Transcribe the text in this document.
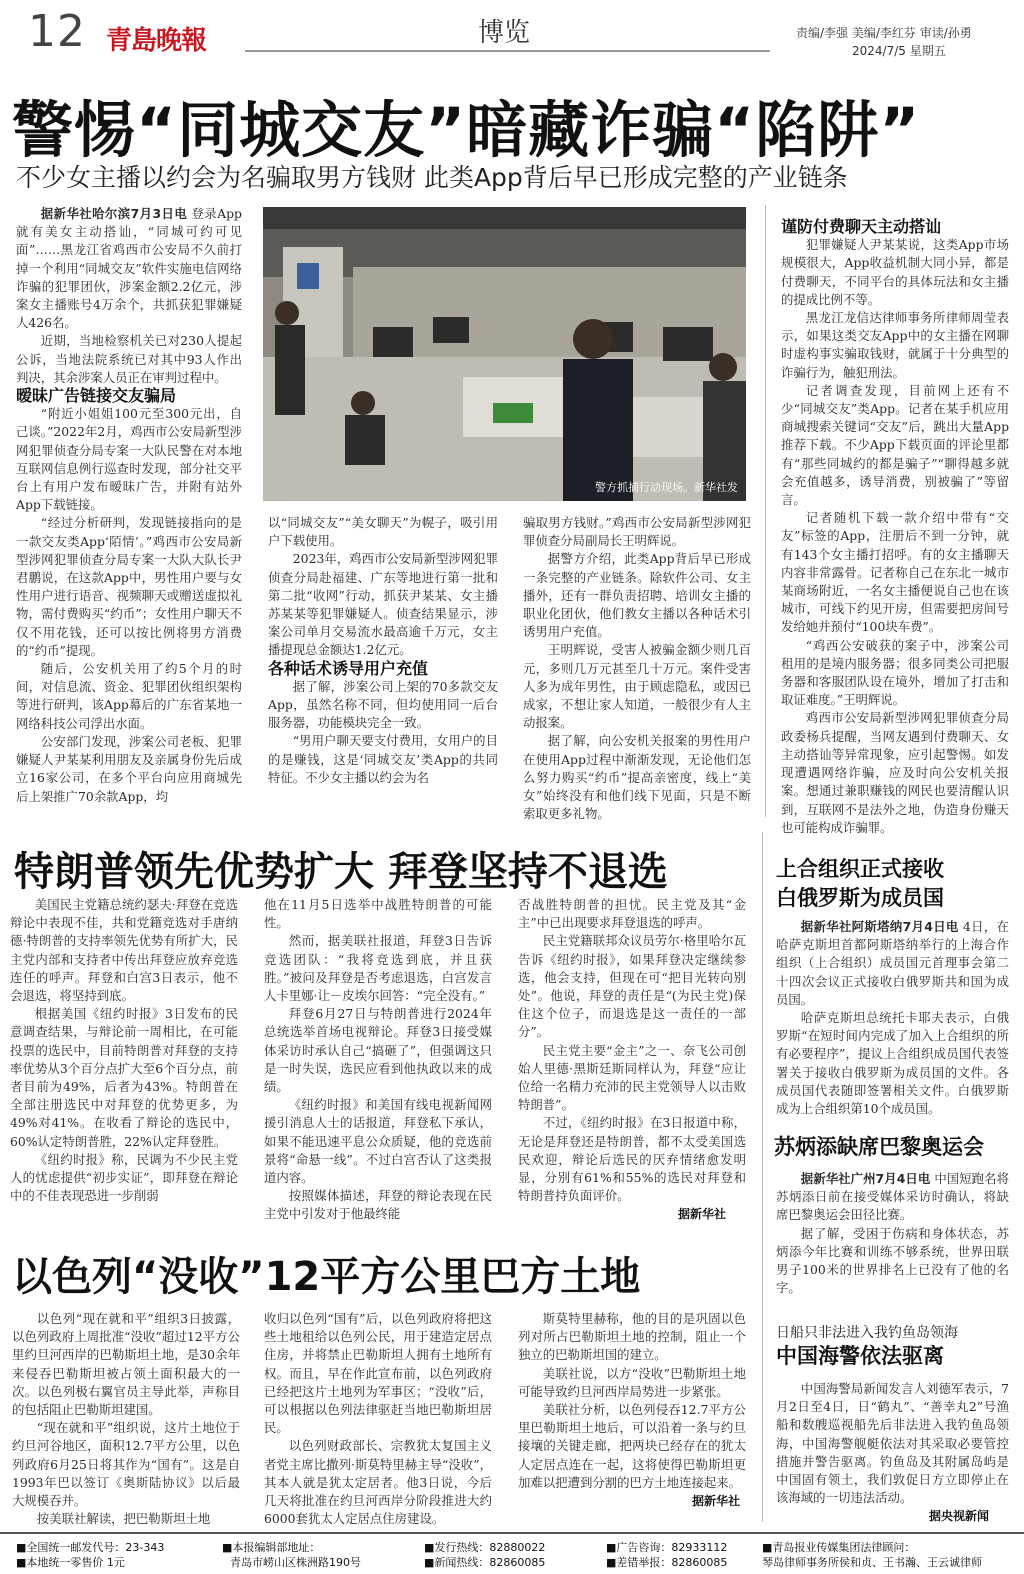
12 青島晚報	博览	责编/李强 美编/李红芬 审读/孙勇
2024/7/5 星期五
警惕“同城交友”暗藏诈骗“陷阱”
不少女主播以约会为名骗取男方钱财 此类App背后早已形成完整的产业链条

据新华社哈尔滨7月3日电 登录App就有美女主动搭讪，“同城可约可见面”……黑龙江省鸡西市公安局不久前打掉一个利用“同城交友”软件实施电信网络诈骗的犯罪团伙，涉案金额2.2亿元，涉案女主播账号4万余个，共抓获犯罪嫌疑人426名。

近期，当地检察机关已对230人提起公诉，当地法院系统已对其中93人作出判决，其余涉案人员正在审判过程中。

暧昧广告链接交友骗局

“附近小姐姐100元至300元出，自己谈。”2022年2月，鸡西市公安局新型涉网犯罪侦查分局专案一大队民警在对本地互联网信息例行巡查时发现，部分社交平台上有用户发布暧昧广告，并附有站外App下载链接。

“经过分析研判，发现链接指向的是一款交友类App‘陌情’。”鸡西市公安局新型涉网犯罪侦查分局专案一大队大队长尹君鹏说，在这款App中，男性用户要与女性用户进行语音、视频聊天或赠送虚拟礼物，需付费购买“约币”；女性用户聊天不仅不用花钱，还可以按比例将男方消费的“约币”提现。

随后，公安机关用了约5个月的时间，对信息流、资金、犯罪团伙组织架构等进行研判，该App幕后的广东省某地一网络科技公司浮出水面。

公安部门发现，涉案公司老板、犯罪嫌疑人尹某某利用朋友及亲属身份先后成立16家公司，在多个平台向应用商城先后上架推广70余款App，均

警方抓捕行动现场。新华社发

以“同城交友”“美女聊天”为幌子，吸引用户下载使用。

2023年，鸡西市公安局新型涉网犯罪侦查分局赴福建、广东等地进行第一批和第二批“收网”行动，抓获尹某某、女主播苏某某等犯罪嫌疑人。侦查结果显示，涉案公司单月交易流水最高逾千万元，女主播提现总金额达1.2亿元。

各种话术诱导用户充值

据了解，涉案公司上架的70多款交友App，虽然名称不同，但均使用同一后台服务器，功能模块完全一致。

“男用户聊天要支付费用，女用户的目的是赚钱，这是‘同城交友’类App的共同特征。不少女主播以约会为名

骗取男方钱财。”鸡西市公安局新型涉网犯罪侦查分局副局长王明辉说。

据警方介绍，此类App背后早已形成一条完整的产业链条。除软件公司、女主播外，还有一群负责招聘、培训女主播的职业化团伙，他们教女主播以各种话术引诱男用户充值。

王明辉说，受害人被骗金额少则几百元，多则几万元甚至几十万元。案件受害人多为成年男性，由于顾虑隐私，或因已成家，不想让家人知道，一般很少有人主动报案。

据了解，向公安机关报案的男性用户在使用App过程中渐渐发现，无论他们怎么努力购买“约币”提高亲密度，线上“美女”始终没有和他们线下见面，只是不断索取更多礼物。

谨防付费聊天主动搭讪

犯罪嫌疑人尹某某说，这类App市场规模很大，App收益机制大同小异，都是付费聊天，不同平台的具体玩法和女主播的提成比例不等。

黑龙江龙信达律师事务所律师周莹表示，如果这类交友App中的女主播在网聊时虚构事实骗取钱财，就属于十分典型的诈骗行为，触犯刑法。

记者调查发现，目前网上还有不少“同城交友”类App。记者在某手机应用商城搜索关键词“交友”后，跳出大量App推荐下载。不少App下载页面的评论里都有“那些同城约的都是骗子”“聊得越多就会充值越多，诱导消费，别被骗了”等留言。

记者随机下载一款介绍中带有“交友”标签的App，注册后不到一分钟，就有143个女主播打招呼。有的女主播聊天内容非常露骨。记者称自己在东北一城市某商场附近，一名女主播便说自己也在该城市，可线下约见开房，但需要把房间号发给她并预付“100块车费”。

“鸡西公安破获的案子中，涉案公司租用的是境内服务器；很多同类公司把服务器和客服团队设在境外，增加了打击和取证难度。”王明辉说。

鸡西市公安局新型涉网犯罪侦查分局政委杨兵提醒，当网友遇到付费聊天、女主动搭讪等异常现象，应引起警惕。如发现遭遇网络诈骗，应及时向公安机关报案。想通过兼职赚钱的网民也要清醒认识到，互联网不是法外之地，伪造身份赚天也可能构成诈骗罪。

特朗普领先优势扩大 拜登坚持不退选

美国民主党籍总统约瑟夫·拜登在竞选辩论中表现不佳，共和党籍竞选对手唐纳德·特朗普的支持率领先优势有所扩大，民主党内部和支持者中传出拜登应放弃竞选连任的呼声。拜登和白宫3日表示，他不会退选，将坚持到底。

根据美国《纽约时报》3日发布的民意调查结果，与辩论前一周相比，在可能投票的选民中，目前特朗普对拜登的支持率优势从3个百分点扩大至6个百分点，前者目前为49%，后者为43%。特朗普在全部注册选民中对拜登的优势更多，为49%对41%。在收看了辩论的选民中，60%认定特朗普胜，22%认定拜登胜。

《纽约时报》称，民调为不少民主党人的忧虑提供“初步实证”，即拜登在辩论中的不佳表现恐进一步削弱

他在11月5日选举中战胜特朗普的可能性。

然而，据美联社报道，拜登3日告诉竞选团队：“我将竞选到底，并且获胜。”被问及拜登是否考虑退选，白宫发言人卡里娜·让－皮埃尔回答：“完全没有。”

拜登6月27日与特朗普进行2024年总统选举首场电视辩论。拜登3日接受媒体采访时承认自己“搞砸了”，但强调这只是一时失误，选民应看到他执政以来的成绩。

《纽约时报》和美国有线电视新闻网援引消息人士的话报道，拜登私下承认，如果不能迅速平息公众质疑，他的竞选前景将“命悬一线”。不过白宫否认了这类报道内容。

按照媒体描述，拜登的辩论表现在民主党中引发对于他最终能

否战胜特朗普的担忧。民主党及其“金主”中已出现要求拜登退选的呼声。

民主党籍联邦众议员劳尔·格里哈尔瓦告诉《纽约时报》，如果拜登决定继续参选，他会支持，但现在可“把目光转向别处”。他说，拜登的责任是“(为民主党)保住这个位子，而退选是这一责任的一部分”。

民主党主要“金主”之一、奈飞公司创始人里德·黑斯廷斯同样认为，拜登“应让位给一名精力充沛的民主党领导人以击败特朗普”。

不过，《纽约时报》在3日报道中称，无论是拜登还是特朗普，都不太受美国选民欢迎，辩论后选民的厌弃情绪愈发明显，分别有61%和55%的选民对拜登和特朗普持负面评价。

据新华社

上合组织正式接收
白俄罗斯为成员国

据新华社阿斯塔纳7月4日电 4日，在哈萨克斯坦首都阿斯塔纳举行的上海合作组织（上合组织）成员国元首理事会第二十四次会议正式接收白俄罗斯共和国为成员国。

哈萨克斯坦总统托卡耶夫表示，白俄罗斯“在短时间内完成了加入上合组织的所有必要程序”，提议上合组织成员国代表签署关于接收白俄罗斯为成员国的文件。各成员国代表随即签署相关文件。白俄罗斯成为上合组织第10个成员国。

苏炳添缺席巴黎奥运会

据新华社广州7月4日电 中国短跑名将苏炳添日前在接受媒体采访时确认，将缺席巴黎奥运会田径比赛。

据了解，受困于伤病和身体状态，苏炳添今年比赛和训练不够系统，世界田联男子100米的世界排名上已没有了他的名字。

日船只非法进入我钓鱼岛领海
中国海警依法驱离

中国海警局新闻发言人刘德军表示，7月2日至4日，日“鹤丸”、“善幸丸2”号渔船和数艘巡视船先后非法进入我钓鱼岛领海，中国海警舰艇依法对其采取必要管控措施并警告驱离。钓鱼岛及其附属岛屿是中国固有领土，我们敦促日方立即停止在该海域的一切违法活动。

据央视新闻

以色列“没收”12平方公里巴方土地

以色列“现在就和平”组织3日披露，以色列政府上周批准“没收”超过12平方公里约旦河西岸的巴勒斯坦土地，是30余年来侵吞巴勒斯坦被占领土面积最大的一次。以色列极右翼官员主导此举，声称目的包括阻止巴勒斯坦建国。

“现在就和平”组织说，这片土地位于约旦河谷地区，面积12.7平方公里，以色列政府6月25日将其作为“国有”。这是自1993年巴以签订《奥斯陆协议》以后最大规模吞并。

按美联社解读，把巴勒斯坦土地

收归以色列“国有”后，以色列政府将把这些土地租给以色列公民，用于建造定居点住房，并将禁止巴勒斯坦人拥有土地所有权。而且，早在作此宣布前，以色列政府已经把这片土地列为军事区；“没收”后，可以根据以色列法律驱赶当地巴勒斯坦居民。

以色列财政部长、宗教犹太复国主义者党主席比撒列·斯莫特里赫主导“没收”，其本人就是犹太定居者。他3日说，今后几天将批准在约旦河西岸分阶段推进大约6000套犹太人定居点住房建设。

斯莫特里赫称，他的目的是巩固以色列对所占巴勒斯坦土地的控制，阻止一个独立的巴勒斯坦国的建立。

美联社说，以方“没收”巴勒斯坦土地可能导致约旦河西岸局势进一步紧张。

美联社分析，以色列侵吞12.7平方公里巴勒斯坦土地后，可以沿着一条与约旦接壤的关键走廊，把两块已经存在的犹太人定居点连在一起，这将使得巴勒斯坦更加难以把遭到分割的巴方土地连接起来。

据新华社

■全国统一邮发代号：23-343
■本地统一零售价 1元
■本报编辑部地址：
青岛市崂山区株洲路190号
■发行热线：82880022
■新闻热线：82860085
■广告咨询：82933112
■差错举报：82860085
■青岛报业传媒集团法律顾问：
琴岛律师事务所侯和贞、王书瀚、王云诚律师
